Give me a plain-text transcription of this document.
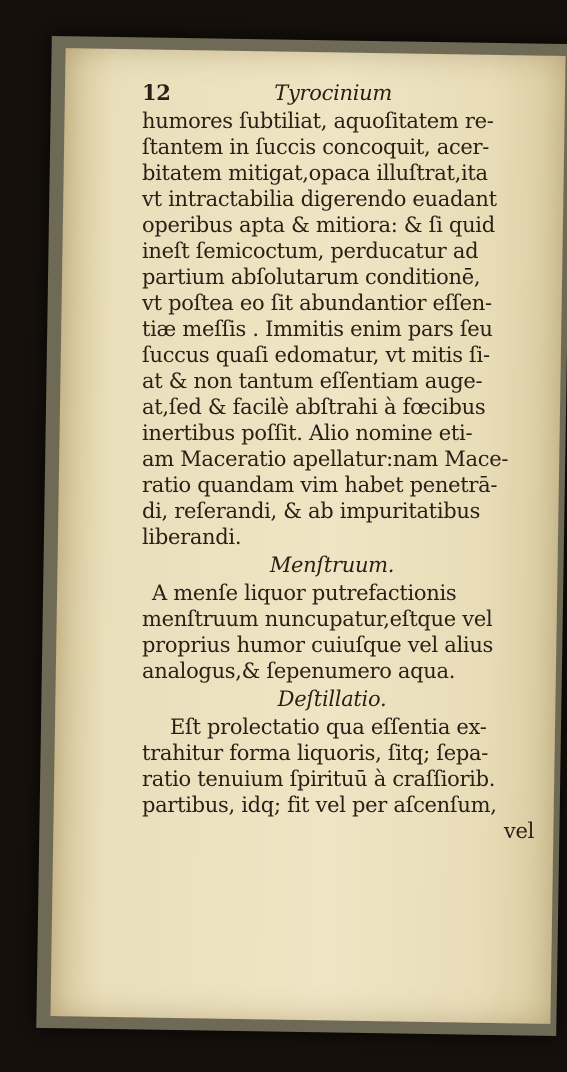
12	Tyrocinium
humores ſubtiliat, aquoſitatem re-
ſtantem in ſuccis concoquit, acer-
bitatem mitigat,opaca illuſtrat,ita
vt intractabilia digerendo euadant
operibus apta & mitiora: & ſi quid
ineſt ſemicoctum, perducatur ad
partium abſolutarum conditionē,
vt poſtea eo ſit abundantior eſſen-
tiæ meſſis . Immitis enim pars ſeu
ſuccus quaſi edomatur, vt mitis ſi-
at & non tantum eſſentiam auge-
at,ſed & facilè abſtrahi à fœcibus
inertibus poſſit. Alio nomine eti-
am Maceratio apellatur:nam Mace-
ratio quandam vim habet penetrā-
di, reſerandi, & ab impuritatibus
liberandi.
Menſtruum.
A menſe liquor putrefactionis
menſtruum nuncupatur,eſtque vel
proprius humor cuiuſque vel alius
analogus,& ſepenumero aqua.
Deſtillatio.
Eſt prolectatio qua eſſentia ex-
trahitur forma liquoris, ſitq; ſepa-
ratio tenuium ſpirituū à craſſiorib.
partibus, idq; fit vel per aſcenſum,
vel
